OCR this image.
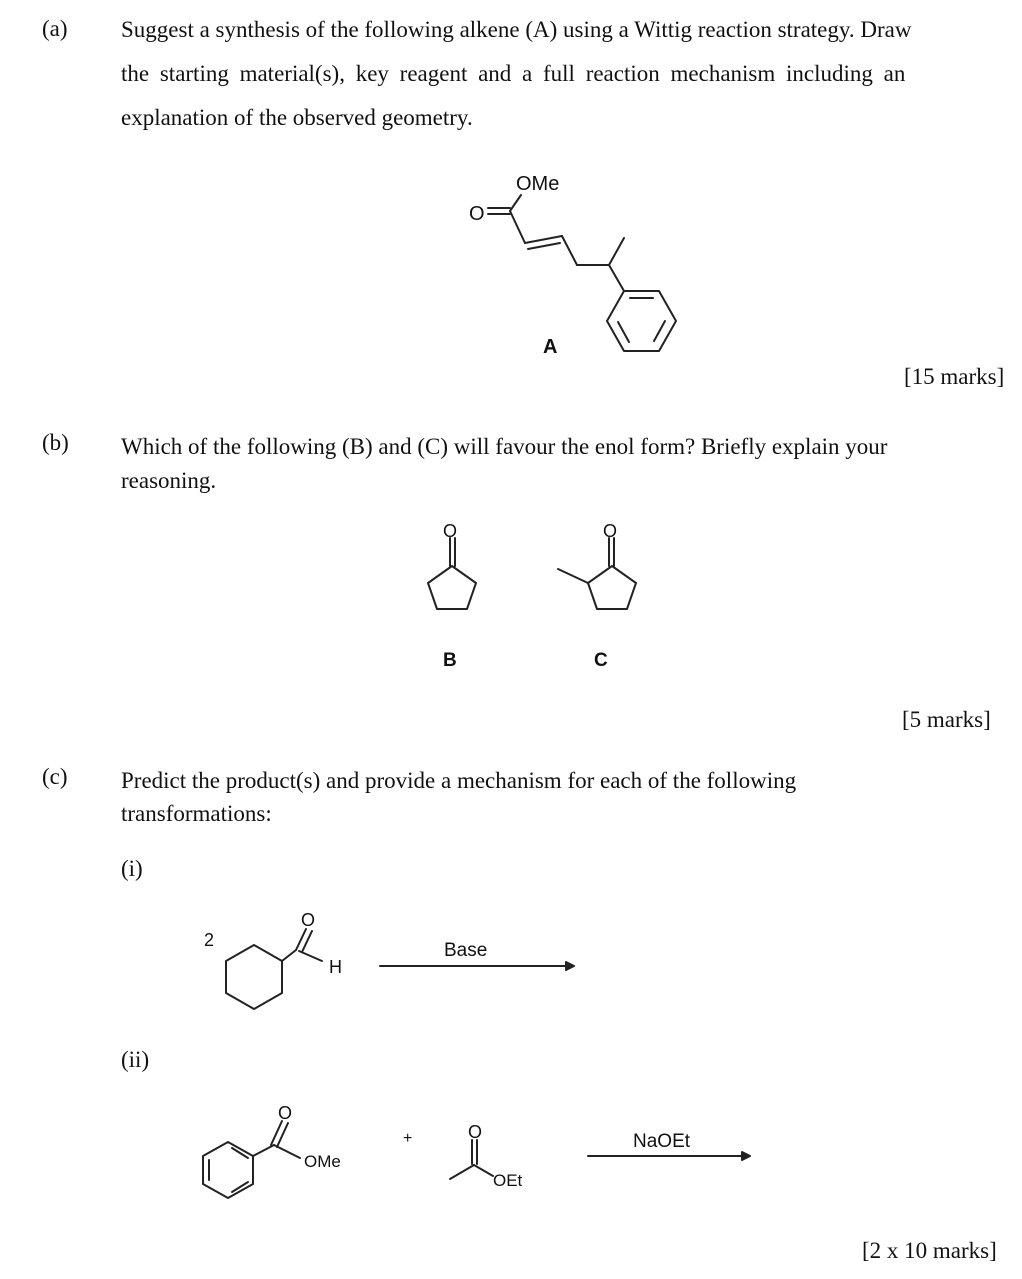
(a) Suggest a synthesis of the following alkene (A) using a Wittig reaction strategy. Draw
the starting material(s), key reagent and a full reaction mechanism including an
explanation of the observed geometry.
O
OMe
A
O
B
O
C
2
O
H
Base
O
OMe
+	O
OEt
NaOEt
[15 marks]
(b) Which of the following (B) and (C) will favour the enol form? Briefly explain your
reasoning.
[5 marks]
(c) Predict the product(s) and provide a mechanism for each of the following
transformations:
(i)
(ii)
[2 x 10 marks]
